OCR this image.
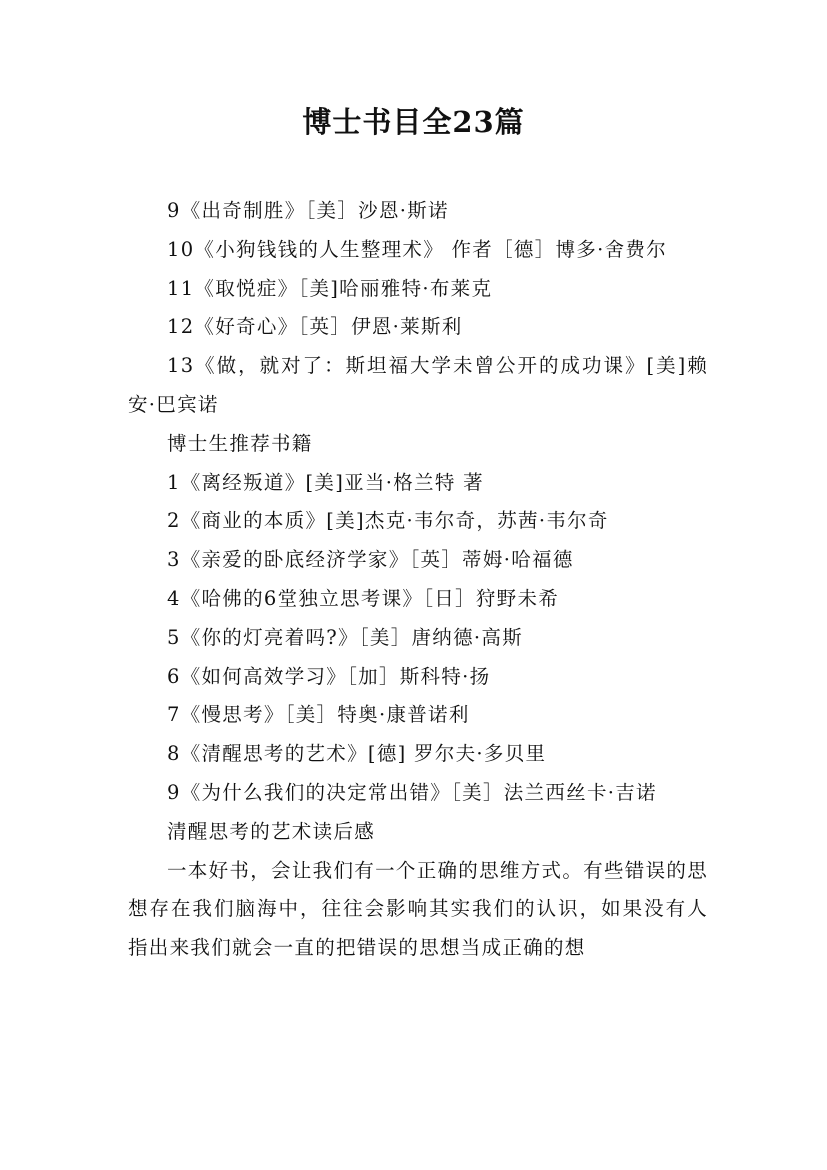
博士书目全23篇

9《出奇制胜》［美］沙恩·斯诺

10《小狗钱钱的人生整理术》 作者［德］博多·舍费尔

11《取悦症》［美]哈丽雅特·布莱克

12《好奇心》［英］伊恩·莱斯利

13《做，就对了：斯坦福大学未曾公开的成功课》[美]赖安·巴宾诺

博士生推荐书籍

1《离经叛道》[美]亚当·格兰特 著

2《商业的本质》[美]杰克·韦尔奇，苏茜·韦尔奇

3《亲爱的卧底经济学家》［英］蒂姆·哈福德

4《哈佛的6堂独立思考课》［日］狩野未希

5《你的灯亮着吗?》［美］唐纳德·高斯

6《如何高效学习》［加］斯科特·扬

7《慢思考》［美］特奥·康普诺利

8《清醒思考的艺术》[德] 罗尔夫·多贝里

9《为什么我们的决定常出错》［美］法兰西丝卡·吉诺

清醒思考的艺术读后感

一本好书，会让我们有一个正确的思维方式。有些错误的思想存在我们脑海中，往往会影响其实我们的认识，如果没有人指出来我们就会一直的把错误的思想当成正确的想
